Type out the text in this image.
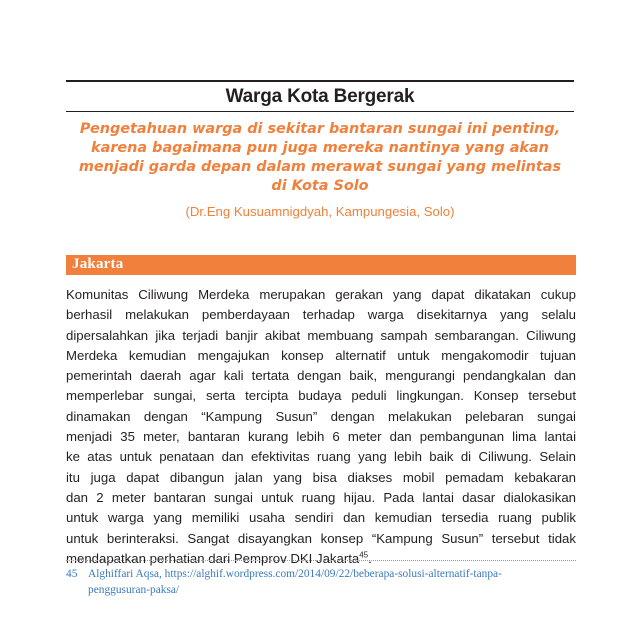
Warga Kota Bergerak
Pengetahuan warga di sekitar bantaran sungai ini penting,
karena bagaimana pun juga mereka nantinya yang akan
menjadi garda depan dalam merawat sungai yang melintas
di Kota Solo
(Dr.Eng Kusuamnigdyah, Kampungesia, Solo)
Jakarta
Komunitas Ciliwung Merdeka merupakan gerakan yang dapat dikatakan cukup
berhasil melakukan pemberdayaan terhadap warga disekitarnya yang selalu
dipersalahkan jika terjadi banjir akibat membuang sampah sembarangan. Ciliwung
Merdeka kemudian mengajukan konsep alternatif untuk mengakomodir tujuan
pemerintah daerah agar kali tertata dengan baik, mengurangi pendangkalan dan
memperlebar sungai, serta tercipta budaya peduli lingkungan. Konsep tersebut
dinamakan dengan “Kampung Susun” dengan melakukan pelebaran sungai
menjadi 35 meter, bantaran kurang lebih 6 meter dan pembangunan lima lantai
ke atas untuk penataan dan efektivitas ruang yang lebih baik di Ciliwung. Selain
itu juga dapat dibangun jalan yang bisa diakses mobil pemadam kebakaran
dan 2 meter bantaran sungai untuk ruang hijau. Pada lantai dasar dialokasikan
untuk warga yang memiliki usaha sendiri dan kemudian tersedia ruang publik
untuk berinteraksi. Sangat disayangkan konsep “Kampung Susun” tersebut tidak
mendapatkan perhatian dari Pemprov DKI Jakarta$^{45}$.
45 Alghiffari Aqsa, https://alghif.wordpress.com/2014/09/22/beberapa-solusi-alternatif-tanpa-
penggusuran-paksa/
